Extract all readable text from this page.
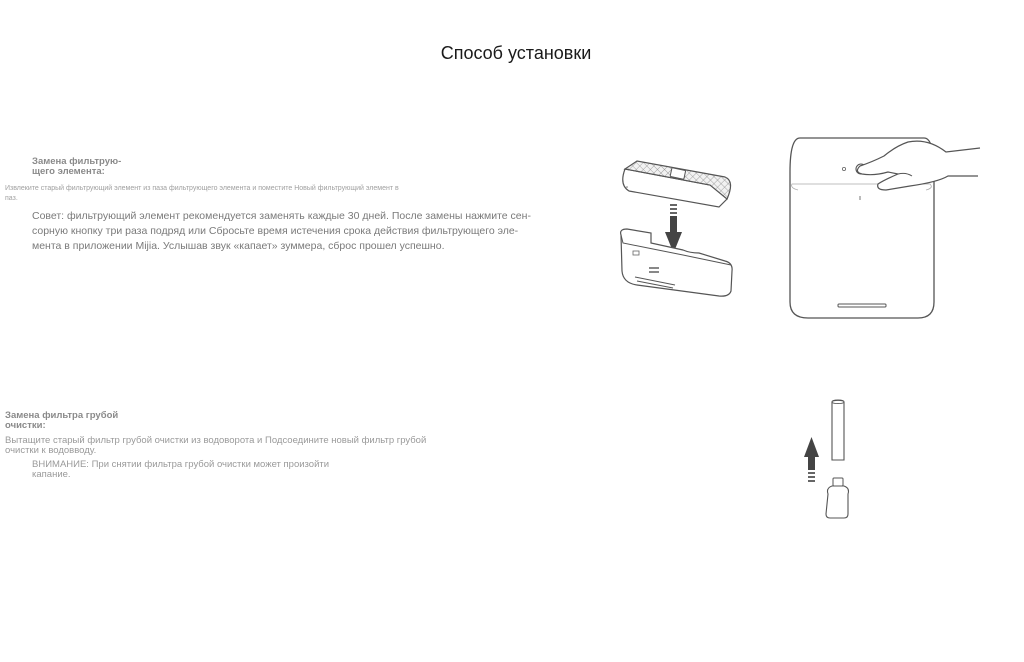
Способ установки
Замена фильтрую-
щего элемента:
Извлеките старый фильтрующий элемент из паза фильтрующего элемента и поместите Новый фильтрующий элемент в
паз.
Совет: фильтрующий элемент рекомендуется заменять каждые 30 дней. После замены нажмите сен-
сорную кнопку три раза подряд или Сбросьте время истечения срока действия фильтрующего эле-
мента в приложении Mijia. Услышав звук «капает» зуммера, сброс прошел успешно.
Замена фильтра грубой
очистки:
Вытащите старый фильтр грубой очистки из водоворота и Подсоедините новый фильтр грубой
очистки к водовводу.
ВНИМАНИЕ: При снятии фильтра грубой очистки может произойти
капание.
